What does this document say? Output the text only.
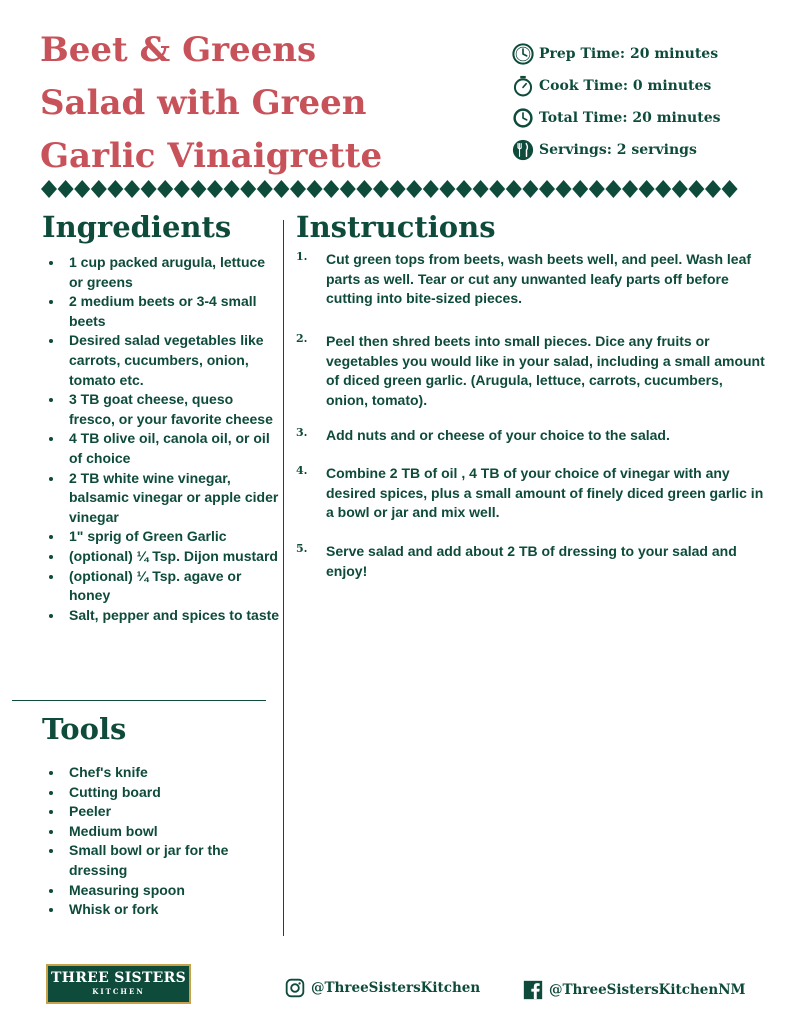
Beet & Greens
Salad with Green
Garlic Vinaigrette
Prep Time: 20 minutes
Cook Time: 0 minutes
Total Time: 20 minutes
Servings: 2 servings
Ingredients
• 1 cup packed arugula, lettuce or greens
• 2 medium beets or 3-4 small beets
• Desired salad vegetables like carrots, cucumbers, onion, tomato etc.
• 3 TB goat cheese, queso fresco, or your favorite cheese
• 4 TB olive oil, canola oil, or oil of choice
• 2 TB white wine vinegar, balsamic vinegar or apple cider vinegar
• 1" sprig of Green Garlic
• (optional) ¼ Tsp. Dijon mustard
• (optional) ¼ Tsp. agave or honey
• Salt, pepper and spices to taste
Tools
• Chef's knife
• Cutting board
• Peeler
• Medium bowl
• Small bowl or jar for the dressing
• Measuring spoon
• Whisk or fork
Instructions
1. Cut green tops from beets, wash beets well, and peel. Wash leaf parts as well. Tear or cut any unwanted leafy parts off before cutting into bite-sized pieces.
2. Peel then shred beets into small pieces. Dice any fruits or vegetables you would like in your salad, including a small amount of diced green garlic. (Arugula, lettuce, carrots, cucumbers, onion, tomato).
3. Add nuts and or cheese of your choice to the salad.
4. Combine 2 TB of oil , 4 TB of your choice of vinegar with any desired spices, plus a small amount of finely diced green garlic in a bowl or jar and mix well.
5. Serve salad and add about 2 TB of dressing to your salad and enjoy!
THREE SISTERS
KITCHEN	@ThreeSistersKitchen	@ThreeSistersKitchenNM
